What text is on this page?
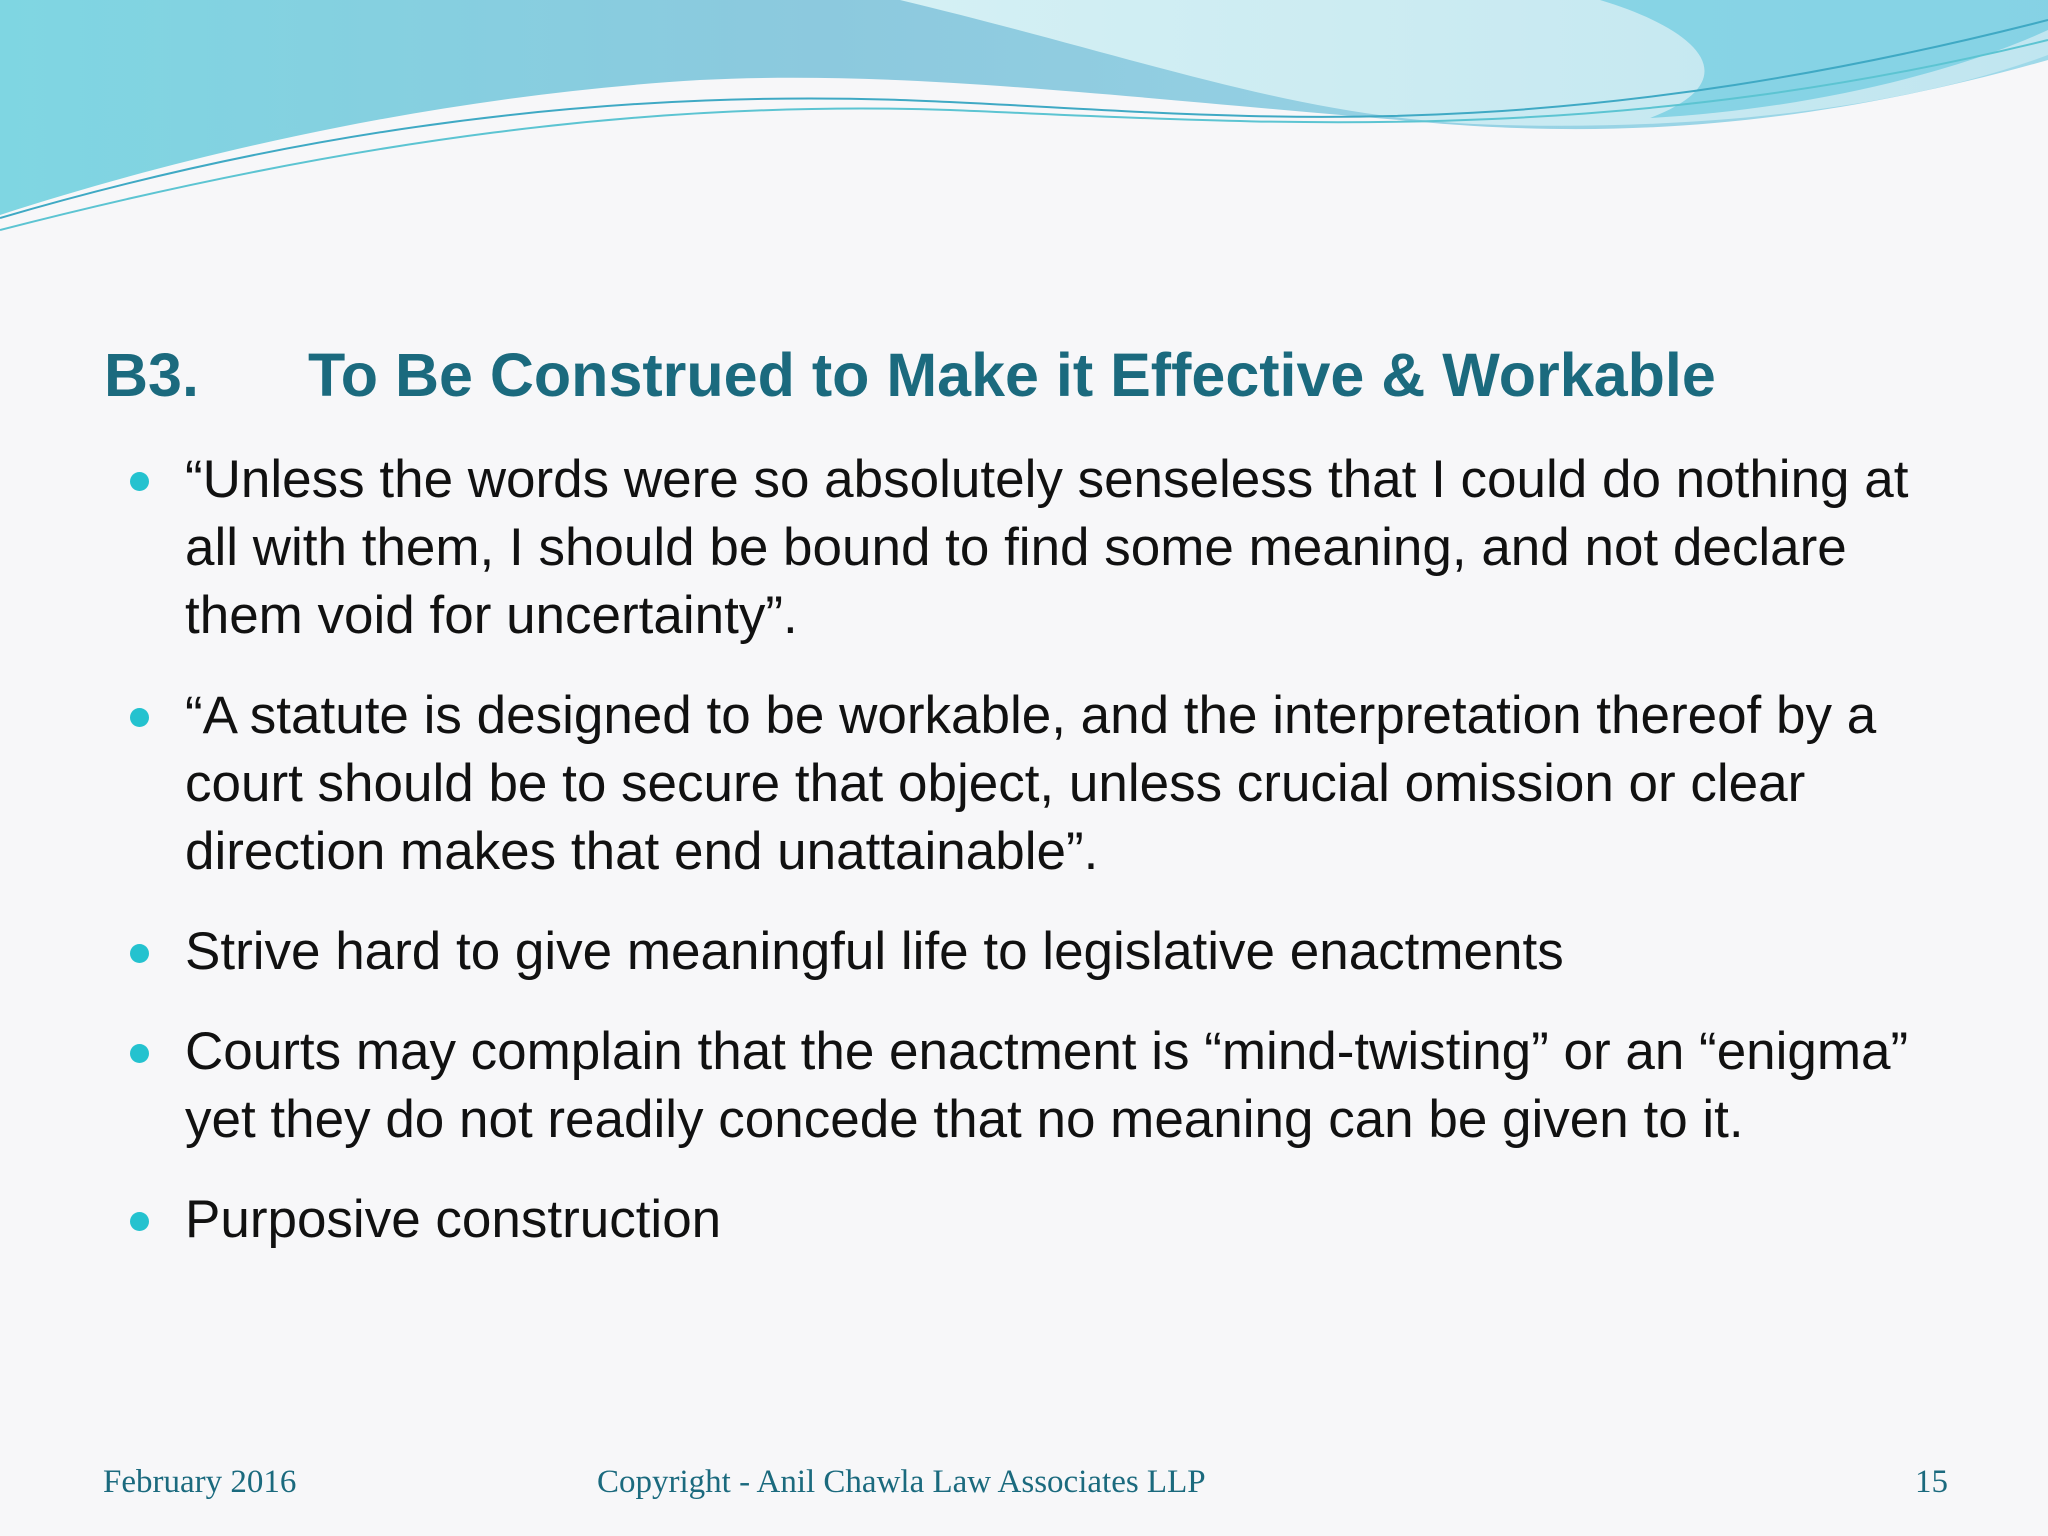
B3.	To Be Construed to Make it Effective & Workable
“Unless the words were so absolutely senseless that I could do nothing at all with them, I should be bound to find some meaning, and not declare them void for uncertainty”.
“A statute is designed to be workable, and the interpretation thereof by a court should be to secure that object, unless crucial omission or clear direction makes that end unattainable”.
Strive hard to give meaningful life to legislative enactments
Courts may complain that the enactment is “mind-twisting” or an “enigma” yet they do not readily concede that no meaning can be given to it.
Purposive construction
February 2016	Copyright - Anil Chawla Law Associates LLP	15
